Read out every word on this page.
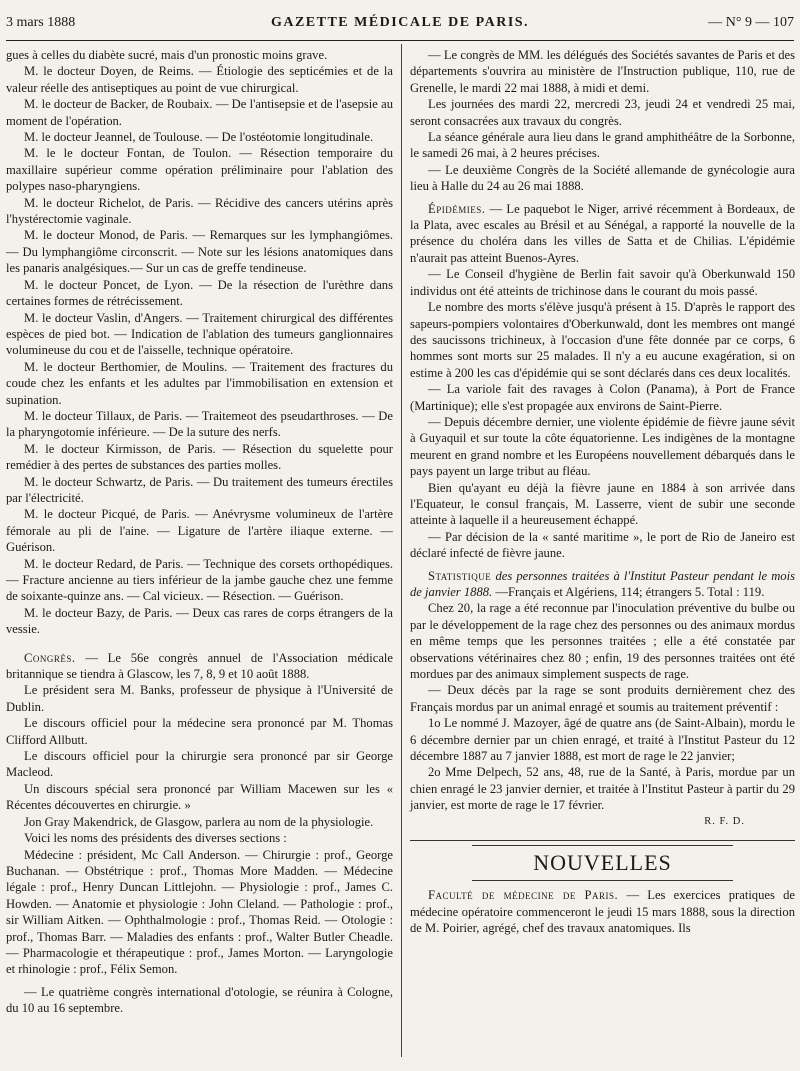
3 mars 1888	GAZETTE MÉDICALE DE PARIS.	— N° 9 — 107

gues à celles du diabète sucré, mais d'un pronostic moins grave.

M. le docteur Doyen, de Reims. — Étiologie des septicémies et de la valeur réelle des antiseptiques au point de vue chirurgical.

M. le docteur de Backer, de Roubaix. — De l'antisepsie et de l'asepsie au moment de l'opération.

M. le docteur Jeannel, de Toulouse. — De l'ostéotomie longitudinale.

M. le le docteur Fontan, de Toulon. — Résection temporaire du maxillaire supérieur comme opération préliminaire pour l'ablation des polypes naso-pharyngiens.

M. le docteur Richelot, de Paris. — Récidive des cancers utérins après l'hystérectomie vaginale.

M. le docteur Monod, de Paris. — Remarques sur les lymphangiômes. — Du lymphangiôme circonscrit. — Note sur les lésions anatomiques dans les panaris analgésiques.— Sur un cas de greffe tendineuse.

M. le docteur Poncet, de Lyon. — De la résection de l'urèthre dans certaines formes de rétrécissement.

M. le docteur Vaslin, d'Angers. — Traitement chirurgical des différentes espèces de pied bot. — Indication de l'ablation des tumeurs ganglionnaires volumineuse du cou et de l'aisselle, technique opératoire.

M. le docteur Berthomier, de Moulins. — Traitement des fractures du coude chez les enfants et les adultes par l'immobilisation en extension et supination.

M. le docteur Tillaux, de Paris. — Traitemeot des pseudarthroses. — De la pharyngotomie inférieure. — De la suture des nerfs.

M. le docteur Kirmisson, de Paris. — Résection du squelette pour remédier à des pertes de substances des parties molles.

M. le docteur Schwartz, de Paris. — Du traitement des tumeurs érectiles par l'électricité.

M. le docteur Picqué, de Paris. — Anévrysme volumineux de l'artère fémorale au pli de l'aine. — Ligature de l'artère iliaque externe. — Guérison.

M. le docteur Redard, de Paris. — Technique des corsets orthopédiques. — Fracture ancienne au tiers inférieur de la jambe gauche chez une femme de soixante-quinze ans. — Cal vicieux. — Résection. — Guérison.

M. le docteur Bazy, de Paris. — Deux cas rares de corps étrangers de la vessie.

Congrès. — Le 56e congrès annuel de l'Association médicale britannique se tiendra à Glascow, les 7, 8, 9 et 10 août 1888.

Le président sera M. Banks, professeur de physique à l'Université de Dublin.

Le discours officiel pour la médecine sera prononcé par M. Thomas Clifford Allbutt.

Le discours officiel pour la chirurgie sera prononcé par sir George Macleod.

Un discours spécial sera prononcé par William Macewen sur les « Récentes découvertes en chirurgie. »

Jon Gray Makendrick, de Glasgow, parlera au nom de la physiologie.

Voici les noms des présidents des diverses sections :

Médecine : président, Mc Call Anderson. — Chirurgie : prof., George Buchanan. — Obstétrique : prof., Thomas More Madden. — Médecine légale : prof., Henry Duncan Littlejohn. — Physiologie : prof., James C. Howden. — Anatomie et physiologie : John Cleland. — Pathologie : prof., sir William Aitken. — Ophthalmologie : prof., Thomas Reid. — Otologie : prof., Thomas Barr. — Maladies des enfants : prof., Walter Butler Cheadle. — Pharmacologie et thérapeutique : prof., James Morton. — Laryngologie et rhinologie : prof., Félix Semon.

— Le quatrième congrès international d'otologie, se réunira à Cologne, du 10 au 16 septembre.

— Le congrès de MM. les délégués des Sociétés savantes de Paris et des départements s'ouvrira au ministère de l'Instruction publique, 110, rue de Grenelle, le mardi 22 mai 1888, à midi et demi.

Les journées des mardi 22, mercredi 23, jeudi 24 et vendredi 25 mai, seront consacrées aux travaux du congrès.

La séance générale aura lieu dans le grand amphithéâtre de la Sorbonne, le samedi 26 mai, à 2 heures précises.

— Le deuxième Congrès de la Société allemande de gynécologie aura lieu à Halle du 24 au 26 mai 1888.

Épidémies. — Le paquebot le Niger, arrivé récemment à Bordeaux, de la Plata, avec escales au Brésil et au Sénégal, a rapporté la nouvelle de la présence du choléra dans les villes de Satta et de Chilias. L'épidémie n'aurait pas atteint Buenos-Ayres.

— Le Conseil d'hygiène de Berlin fait savoir qu'à Oberkunwald 150 individus ont été atteints de trichinose dans le courant du mois passé.

Le nombre des morts s'élève jusqu'à présent à 15. D'après le rapport des sapeurs-pompiers volontaires d'Oberkunwald, dont les membres ont mangé des saucissons trichineux, à l'occasion d'une fête donnée par ce corps, 6 hommes sont morts sur 25 malades. Il n'y a eu aucune exagération, si on estime à 200 les cas d'épidémie qui se sont déclarés dans ces deux localités.

— La variole fait des ravages à Colon (Panama), à Port de France (Martinique); elle s'est propagée aux environs de Saint-Pierre.

— Depuis décembre dernier, une violente épidémie de fièvre jaune sévit à Guyaquil et sur toute la côte équatorienne. Les indigènes de la montagne meurent en grand nombre et les Européens nouvellement débarqués dans le pays payent un large tribut au fléau.

Bien qu'ayant eu déjà la fièvre jaune en 1884 à son arrivée dans l'Equateur, le consul français, M. Lasserre, vient de subir une seconde atteinte à laquelle il a heureusement échappé.

— Par décision de la « santé maritime », le port de Rio de Janeiro est déclaré infecté de fièvre jaune.

Statistique des personnes traitées à l'Institut Pasteur pendant le mois de janvier 1888. —Français et Algériens, 114; étrangers 5. Total : 119.

Chez 20, la rage a été reconnue par l'inoculation préventive du bulbe ou par le développement de la rage chez des personnes ou des animaux mordus en même temps que les personnes traitées ; elle a été constatée par observations vétérinaires chez 80 ; enfin, 19 des personnes traitées ont été mordues par des animaux simplement suspects de rage.

— Deux décès par la rage se sont produits dernièrement chez des Français mordus par un animal enragé et soumis au traitement préventif :

1o Le nommé J. Mazoyer, âgé de quatre ans (de Saint-Albain), mordu le 6 décembre dernier par un chien enragé, et traité à l'Institut Pasteur du 12 décembre 1887 au 7 janvier 1888, est mort de rage le 22 janvier;

2o Mme Delpech, 52 ans, 48, rue de la Santé, à Paris, mordue par un chien enragé le 23 janvier dernier, et traitée à l'Institut Pasteur à partir du 29 janvier, est morte de rage le 17 février.

R. F. D.
NOUVELLES

Faculté de médecine de Paris. — Les exercices pratiques de médecine opératoire commenceront le jeudi 15 mars 1888, sous la direction de M. Poirier, agrégé, chef des travaux anatomiques. Ils
